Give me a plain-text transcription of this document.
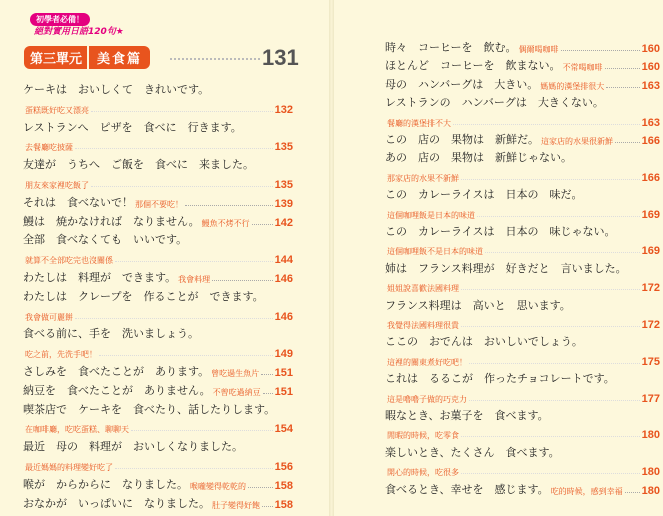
初學者必備！
絕對實用日語120句★
第三單元	美食篇	131
ケーキは　おいしくて　きれいです。
蛋糕既好吃又漂亮	132
レストランへ　ピザを　食べに　行きます。
去餐廳吃披薩	135
友達が　うちへ　ご飯を　食べに　来ました。
朋友來家裡吃飯了	135
それは　食べないで！ 那個不要吃！	139
鰻は　焼かなければ　なりません。 鰻魚不烤不行 142
全部　食べなくても　いいです。
就算不全部吃完也沒關係	144
わたしは　料理が　できます。 我會料理	146
わたしは　クレープを　作ることが　できます。
我會做可麗餅	146
食べる前に、手を　洗いましょう。
吃之前，先洗手吧！	149
さしみを　食べたことが　あります。 曾吃過生魚片 151
納豆を　食べたことが　ありません。 不曾吃過納豆 151
喫茶店で　ケーキを　食べたり、話したりします。
在咖啡廳，吃吃蛋糕、聊聊天	154
最近　母の　料理が　おいしくなりました。
最近媽媽的料理變好吃了	156
喉が　からからに　なりました。 喉嚨變得乾乾的	158
おなかが　いっぱいに　なりました。 肚子變得好飽 158
時々　コーヒーを　飲む。 偶爾喝咖啡	160
ほとんど　コーヒーを　飲まない。 不常喝咖啡	160
母の　ハンバーグは　大きい。 媽媽的漢堡排很大	163
レストランの　ハンバーグは　大きくない。
餐廳的漢堡排不大	163
この　店の　果物は　新鮮だ。 這家店的水果很新鮮	166
あの　店の　果物は　新鮮じゃない。
那家店的水果不新鮮	166
この　カレーライスは　日本の　味だ。
這個咖哩飯是日本的味道	169
この　カレーライスは　日本の　味じゃない。
這個咖哩飯不是日本的味道	169
姉は　フランス料理が　好きだと　言いました。
姐姐說喜歡法國料理	172
フランス料理は　高いと　思います。
我覺得法國料理很貴	172
ここの　おでんは　おいしいでしょう。
這裡的關東煮好吃吧！	175
これは　るるこが　作ったチョコレートです。
這是嚕嚕子做的巧克力	177
暇なとき、お菓子を　食べます。
閒暇的時候，吃零食	180
楽しいとき、たくさん　食べます。
開心的時候，吃很多	180
食べるとき、幸せを　感じます。 吃的時候，感到幸福 180
